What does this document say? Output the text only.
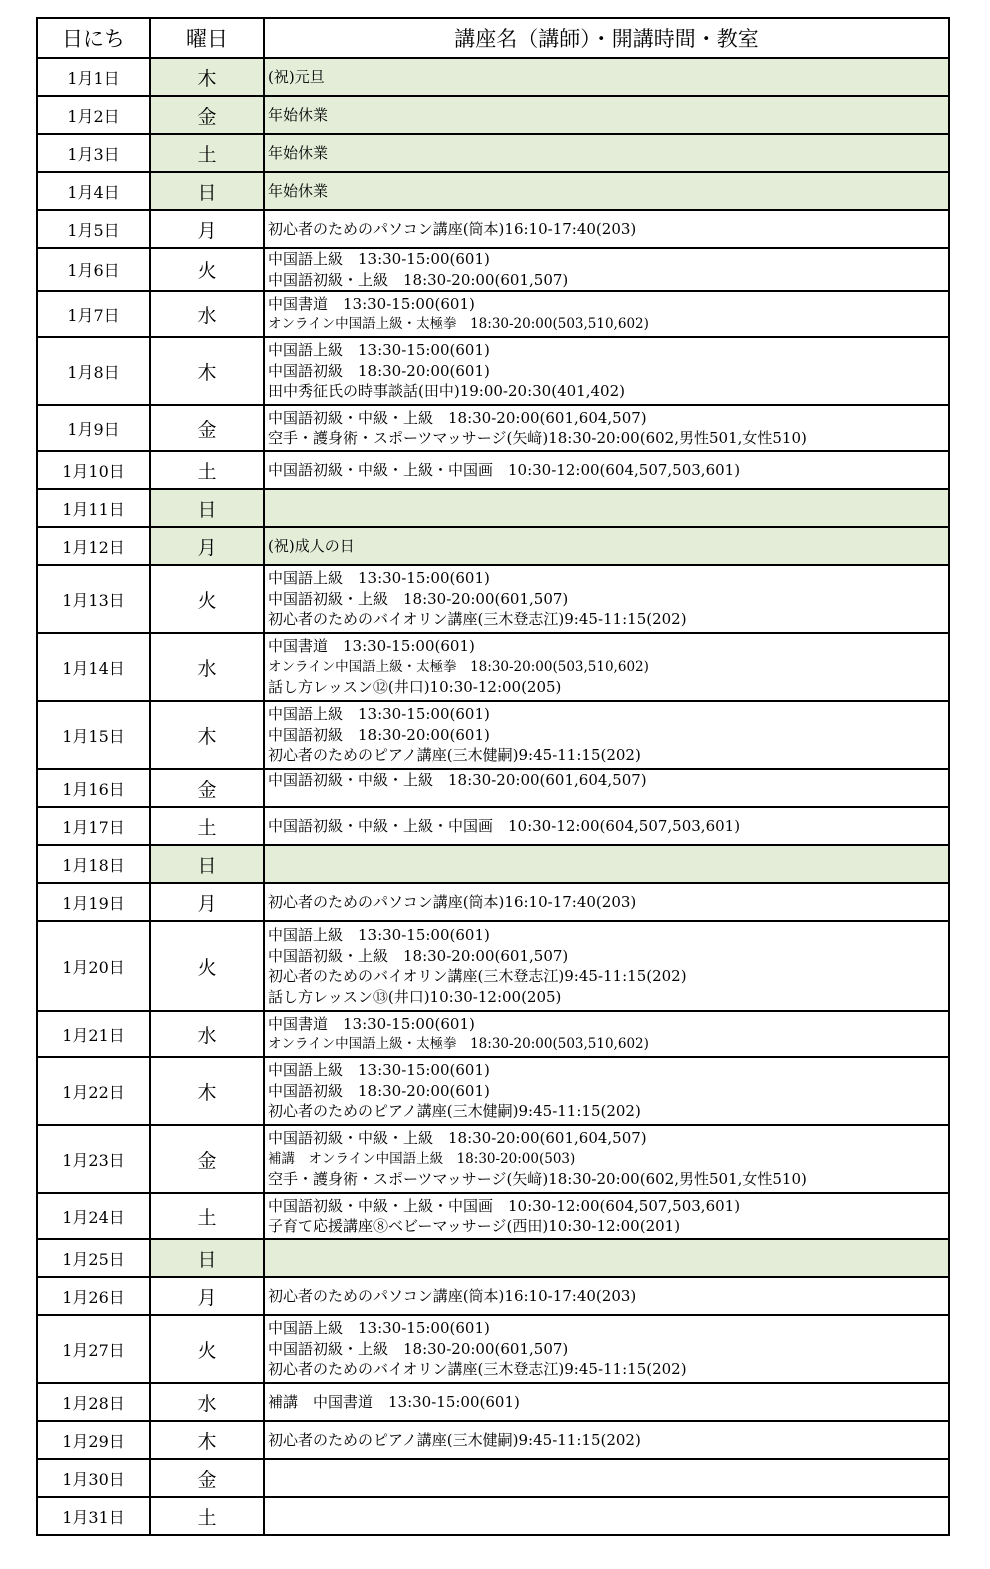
日にち	曜日	講座名（講師）・開講時間・教室
1月1日	木	(祝)元旦

1月2日	金	年始休業

1月3日	土	年始休業

1月4日	日	年始休業

1月5日	月	初心者のためのパソコン講座(筒本)16:10-17:40(203)

1月6日	火	中国語上級　13:30-15:00(601)
中国語初級・上級　18:30-20:00(601,507)

1月7日	水	中国書道　13:30-15:00(601)
オンライン中国語上級・太極拳　18:30-20:00(503,510,602)

1月8日	木	中国語上級　13:30-15:00(601)
中国語初級　18:30-20:00(601)
田中秀征氏の時事談話(田中)19:00-20:30(401,402)

1月9日	金	中国語初級・中級・上級　18:30-20:00(601,604,507)
空手・護身術・スポーツマッサージ(矢﨑)18:30-20:00(602,男性501,女性510)

1月10日	土	中国語初級・中級・上級・中国画　10:30-12:00(604,507,503,601)

1月11日	日	
1月12日	月	(祝)成人の日

1月13日	火	中国語上級　13:30-15:00(601)
中国語初級・上級　18:30-20:00(601,507)
初心者のためのバイオリン講座(三木登志江)9:45-11:15(202)

1月14日	水	中国書道　13:30-15:00(601)
オンライン中国語上級・太極拳　18:30-20:00(503,510,602)
話し方レッスン⑫(井口)10:30-12:00(205)

1月15日	木	中国語上級　13:30-15:00(601)
中国語初級　18:30-20:00(601)
初心者のためのピアノ講座(三木健嗣)9:45-11:15(202)

1月16日	金	中国語初級・中級・上級　18:30-20:00(601,604,507)

1月17日	土	中国語初級・中級・上級・中国画　10:30-12:00(604,507,503,601)

1月18日	日	
1月19日	月	初心者のためのパソコン講座(筒本)16:10-17:40(203)

1月20日	火	中国語上級　13:30-15:00(601)
中国語初級・上級　18:30-20:00(601,507)
初心者のためのバイオリン講座(三木登志江)9:45-11:15(202)
話し方レッスン⑬(井口)10:30-12:00(205)

1月21日	水	中国書道　13:30-15:00(601)
オンライン中国語上級・太極拳　18:30-20:00(503,510,602)

1月22日	木	中国語上級　13:30-15:00(601)
中国語初級　18:30-20:00(601)
初心者のためのピアノ講座(三木健嗣)9:45-11:15(202)

1月23日	金	中国語初級・中級・上級　18:30-20:00(601,604,507)
補講　オンライン中国語上級　18:30-20:00(503)
空手・護身術・スポーツマッサージ(矢﨑)18:30-20:00(602,男性501,女性510)

1月24日	土	中国語初級・中級・上級・中国画　10:30-12:00(604,507,503,601)
子育て応援講座⑧ベビーマッサージ(西田)10:30-12:00(201)

1月25日	日	
1月26日	月	初心者のためのパソコン講座(筒本)16:10-17:40(203)

1月27日	火	中国語上級　13:30-15:00(601)
中国語初級・上級　18:30-20:00(601,507)
初心者のためのバイオリン講座(三木登志江)9:45-11:15(202)

1月28日	水	補講　中国書道　13:30-15:00(601)

1月29日	木	初心者のためのピアノ講座(三木健嗣)9:45-11:15(202)

1月30日	金	
1月31日	土	
